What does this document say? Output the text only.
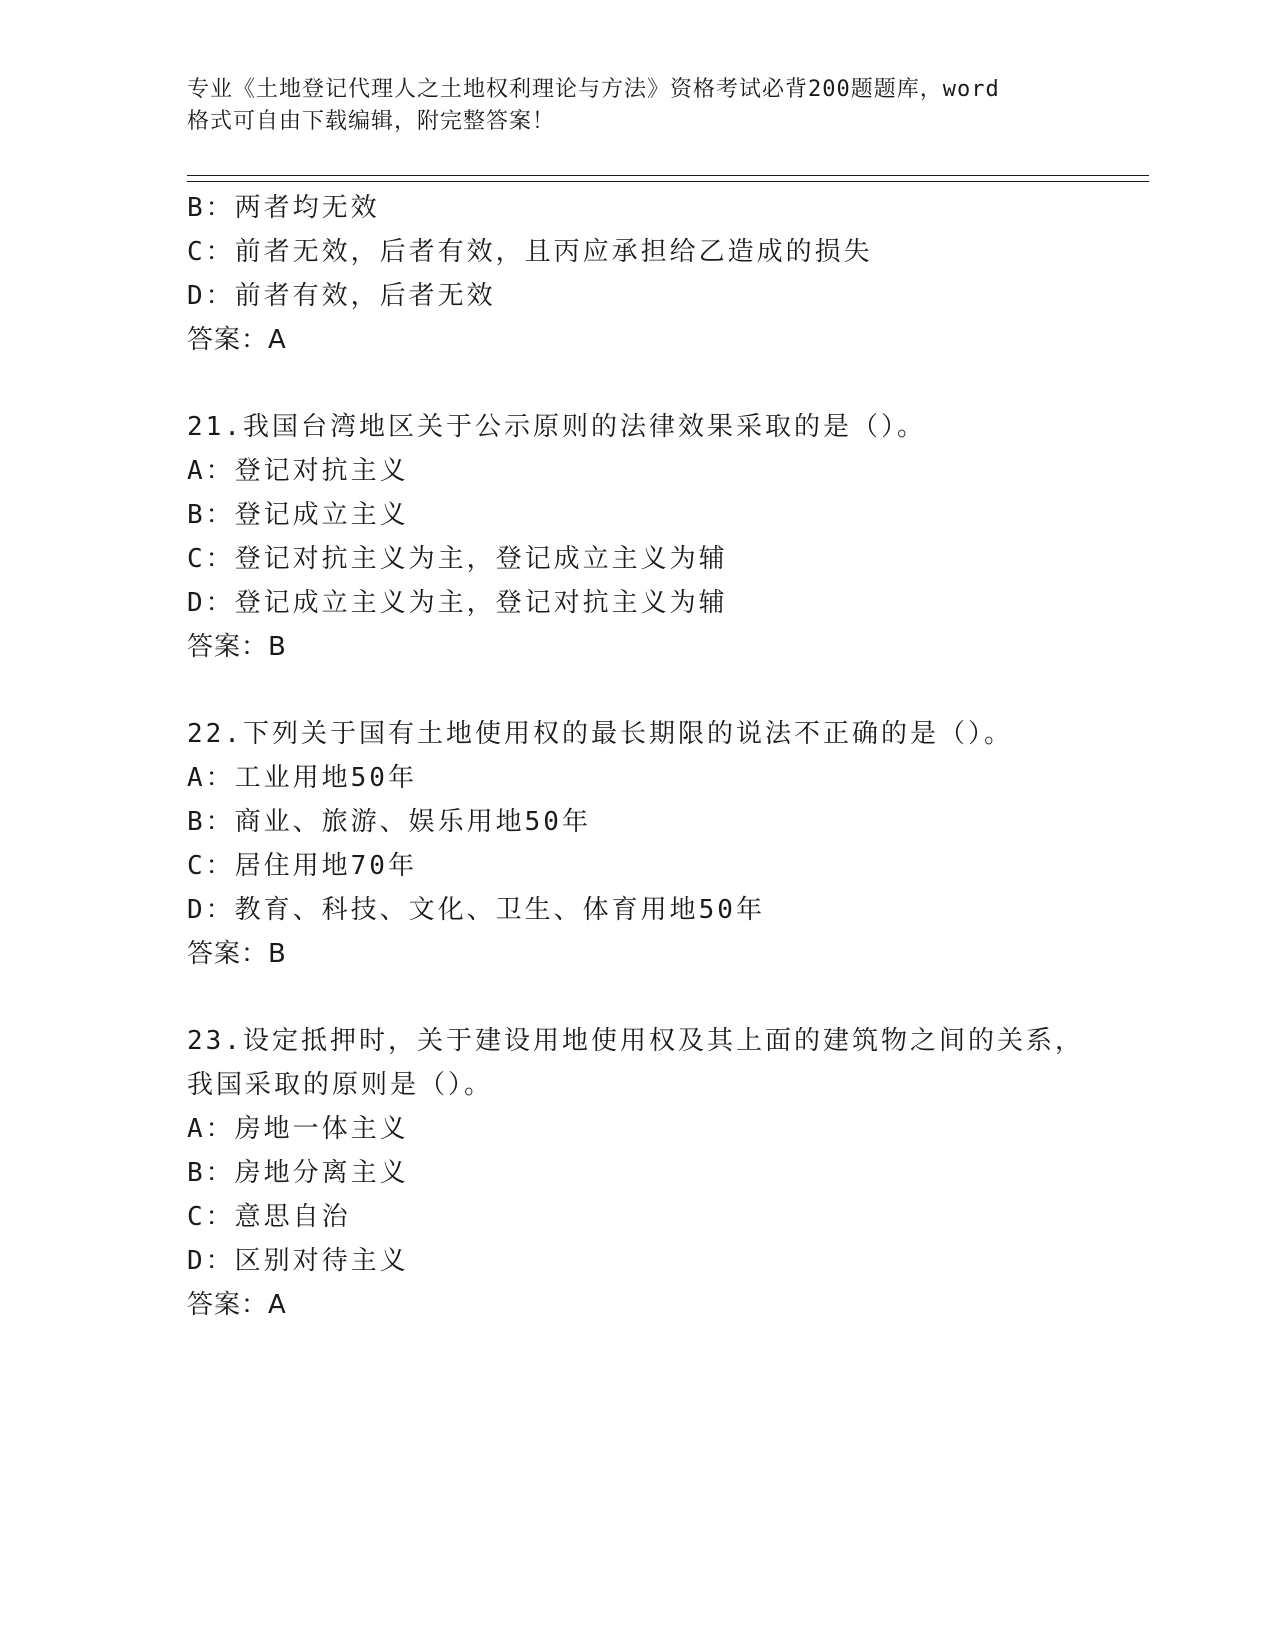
专业《土地登记代理人之土地权利理论与方法》资格考试必背200题题库，word
格式可自由下载编辑，附完整答案！
B：两者均无效
C：前者无效，后者有效，且丙应承担给乙造成的损失
D：前者有效，后者无效
答案：A
21.我国台湾地区关于公示原则的法律效果采取的是（）。
A：登记对抗主义
B：登记成立主义
C：登记对抗主义为主，登记成立主义为辅
D：登记成立主义为主，登记对抗主义为辅
答案：B
22.下列关于国有土地使用权的最长期限的说法不正确的是（）。
A：工业用地50年
B：商业、旅游、娱乐用地50年
C：居住用地70年
D：教育、科技、文化、卫生、体育用地50年
答案：B
23.设定抵押时，关于建设用地使用权及其上面的建筑物之间的关系，
我国采取的原则是（）。
A：房地一体主义
B：房地分离主义
C：意思自治
D：区别对待主义
答案：A
